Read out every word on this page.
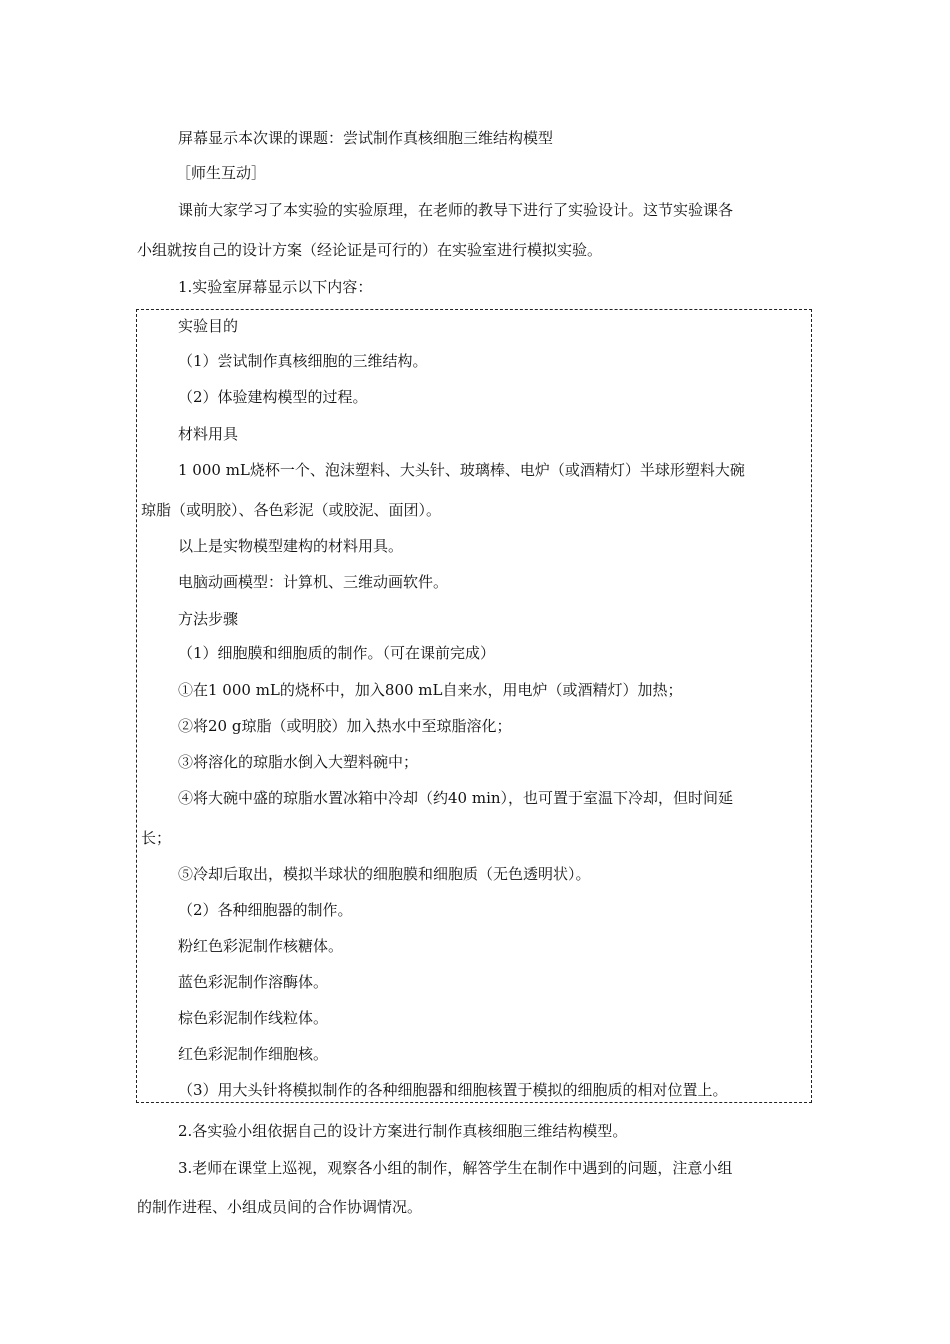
屏幕显示本次课的课题：尝试制作真核细胞三维结构模型
［师生互动］
课前大家学习了本实验的实验原理，在老师的教导下进行了实验设计。这节实验课各
小组就按自己的设计方案（经论证是可行的）在实验室进行模拟实验。
1.实验室屏幕显示以下内容：
实验目的
（1）尝试制作真核细胞的三维结构。
（2）体验建构模型的过程。
材料用具
1 000 mL烧杯一个、泡沫塑料、大头针、玻璃棒、电炉（或酒精灯）半球形塑料大碗
琼脂（或明胶）、各色彩泥（或胶泥、面团）。
以上是实物模型建构的材料用具。
电脑动画模型：计算机、三维动画软件。
方法步骤
（1）细胞膜和细胞质的制作。（可在课前完成）
①在1 000 mL的烧杯中，加入800 mL自来水，用电炉（或酒精灯）加热；
②将20 g琼脂（或明胶）加入热水中至琼脂溶化；
③将溶化的琼脂水倒入大塑料碗中；
④将大碗中盛的琼脂水置冰箱中冷却（约40 min），也可置于室温下冷却，但时间延
长；
⑤冷却后取出，模拟半球状的细胞膜和细胞质（无色透明状）。
（2）各种细胞器的制作。
粉红色彩泥制作核糖体。
蓝色彩泥制作溶酶体。
棕色彩泥制作线粒体。
红色彩泥制作细胞核。
（3）用大头针将模拟制作的各种细胞器和细胞核置于模拟的细胞质的相对位置上。
2.各实验小组依据自己的设计方案进行制作真核细胞三维结构模型。
3.老师在课堂上巡视，观察各小组的制作，解答学生在制作中遇到的问题，注意小组
的制作进程、小组成员间的合作协调情况。
